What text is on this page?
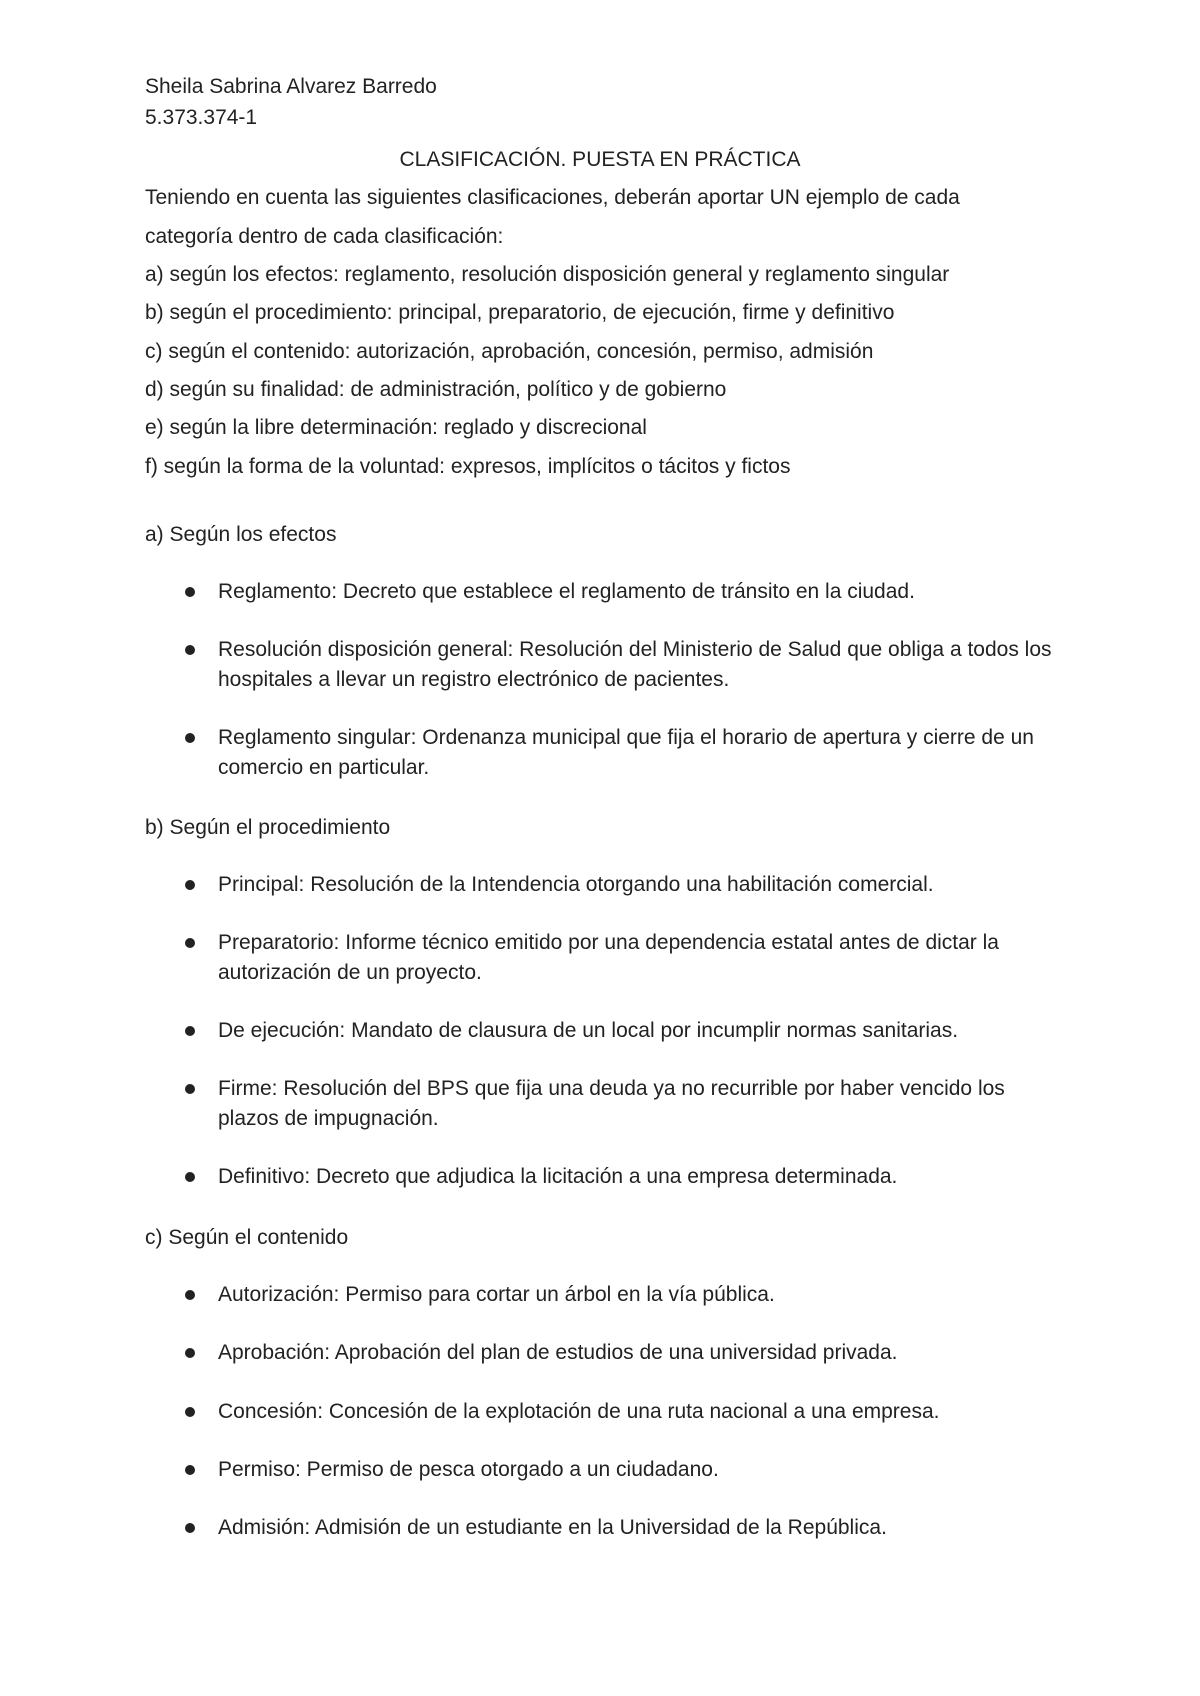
Sheila Sabrina Alvarez Barredo
5.373.374-1
CLASIFICACIÓN. PUESTA EN PRÁCTICA
Teniendo en cuenta las siguientes clasificaciones, deberán aportar UN ejemplo de cada
categoría dentro de cada clasificación:
a) según los efectos: reglamento, resolución disposición general y reglamento singular
b) según el procedimiento: principal, preparatorio, de ejecución, firme y definitivo
c) según el contenido: autorización, aprobación, concesión, permiso, admisión
d) según su finalidad: de administración, político y de gobierno
e) según la libre determinación: reglado y discrecional
f) según la forma de la voluntad: expresos, implícitos o tácitos y fictos
a) Según los efectos
Reglamento: Decreto que establece el reglamento de tránsito en la ciudad.
Resolución disposición general: Resolución del Ministerio de Salud que obliga a todos los hospitales a llevar un registro electrónico de pacientes.
Reglamento singular: Ordenanza municipal que fija el horario de apertura y cierre de un comercio en particular.
b) Según el procedimiento
Principal: Resolución de la Intendencia otorgando una habilitación comercial.
Preparatorio: Informe técnico emitido por una dependencia estatal antes de dictar la autorización de un proyecto.
De ejecución: Mandato de clausura de un local por incumplir normas sanitarias.
Firme: Resolución del BPS que fija una deuda ya no recurrible por haber vencido los plazos de impugnación.
Definitivo: Decreto que adjudica la licitación a una empresa determinada.
c) Según el contenido
Autorización: Permiso para cortar un árbol en la vía pública.
Aprobación: Aprobación del plan de estudios de una universidad privada.
Concesión: Concesión de la explotación de una ruta nacional a una empresa.
Permiso: Permiso de pesca otorgado a un ciudadano.
Admisión: Admisión de un estudiante en la Universidad de la República.
